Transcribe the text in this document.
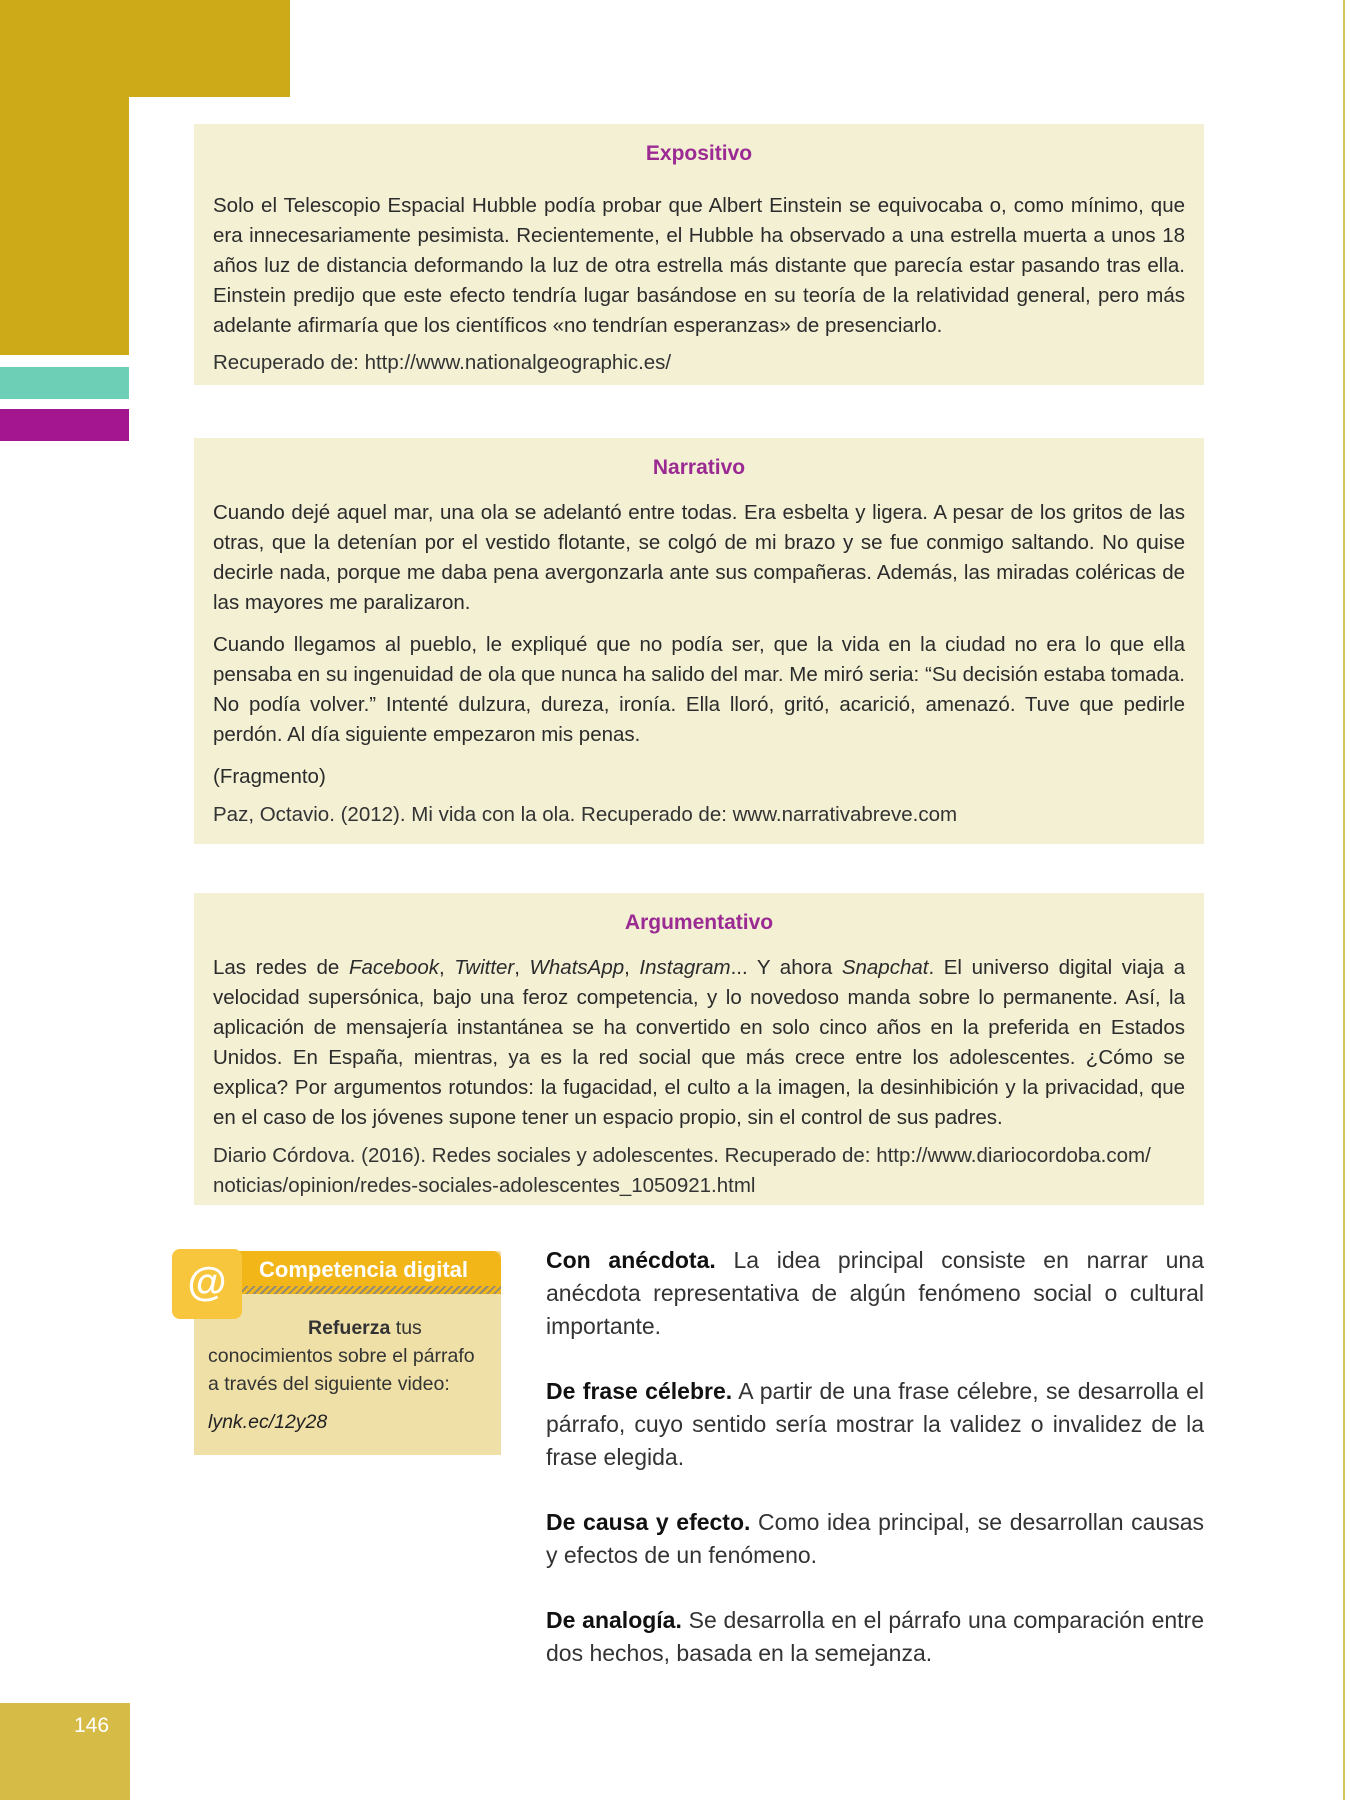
146
Expositivo

Solo el Telescopio Espacial Hubble podía probar que Albert Einstein se equivocaba o, como mínimo, que era innecesariamente pesimista. Recientemente, el Hubble ha observado a una estrella muerta a unos 18 años luz de distancia deformando la luz de otra estrella más distante que parecía estar pasando tras ella. Einstein predijo que este efecto tendría lugar basándose en su teoría de la relatividad general, pero más adelante afirmaría que los científicos «no tendrían esperanzas» de presenciarlo.

Recuperado de: http://www.nationalgeographic.es/

Narrativo

Cuando dejé aquel mar, una ola se adelantó entre todas. Era esbelta y ligera. A pesar de los gritos de las otras, que la detenían por el vestido flotante, se colgó de mi brazo y se fue conmigo saltando. No quise decirle nada, porque me daba pena avergonzarla ante sus compañeras. Además, las miradas coléricas de las mayores me paralizaron.

Cuando llegamos al pueblo, le expliqué que no podía ser, que la vida en la ciudad no era lo que ella pensaba en su ingenuidad de ola que nunca ha salido del mar. Me miró seria: “Su decisión estaba tomada. No podía volver.” Intenté dulzura, dureza, ironía. Ella lloró, gritó, acarició, amenazó. Tuve que pedirle perdón. Al día siguiente empezaron mis penas.

(Fragmento)

Paz, Octavio. (2012). Mi vida con la ola. Recuperado de: www.narrativabreve.com

Argumentativo

Las redes de Facebook, Twitter, WhatsApp, Instagram... Y ahora Snapchat. El universo digital viaja a velocidad supersónica, bajo una feroz competencia, y lo novedoso manda sobre lo permanente. Así, la aplicación de mensajería instantánea se ha convertido en solo cinco años en la preferida en Estados Unidos. En España, mientras, ya es la red social que más crece entre los adolescentes. ¿Cómo se explica? Por argumentos rotundos: la fugacidad, el culto a la imagen, la desinhibición y la privacidad, que en el caso de los jóvenes supone tener un espacio propio, sin el control de sus padres.

Diario Córdova. (2016). Redes sociales y adolescentes. Recuperado de: http://www.diariocordoba.com/

noticias/opinion/redes-sociales-adolescentes_1050921.html

Competencia digital
Refuerza tus conocimientos sobre el párrafo a través del siguiente video:
lynk.ec/12y28
@	Con anécdota. La idea principal consiste en narrar una anécdota representativa de algún fenómeno social o cultural importante.

De frase célebre. A partir de una frase célebre, se desarrolla el párrafo, cuyo sentido sería mostrar la validez o invalidez de la frase elegida.

De causa y efecto. Como idea principal, se desarrollan causas y efectos de un fenómeno.

De analogía. Se desarrolla en el párrafo una comparación entre dos hechos, basada en la semejanza.
